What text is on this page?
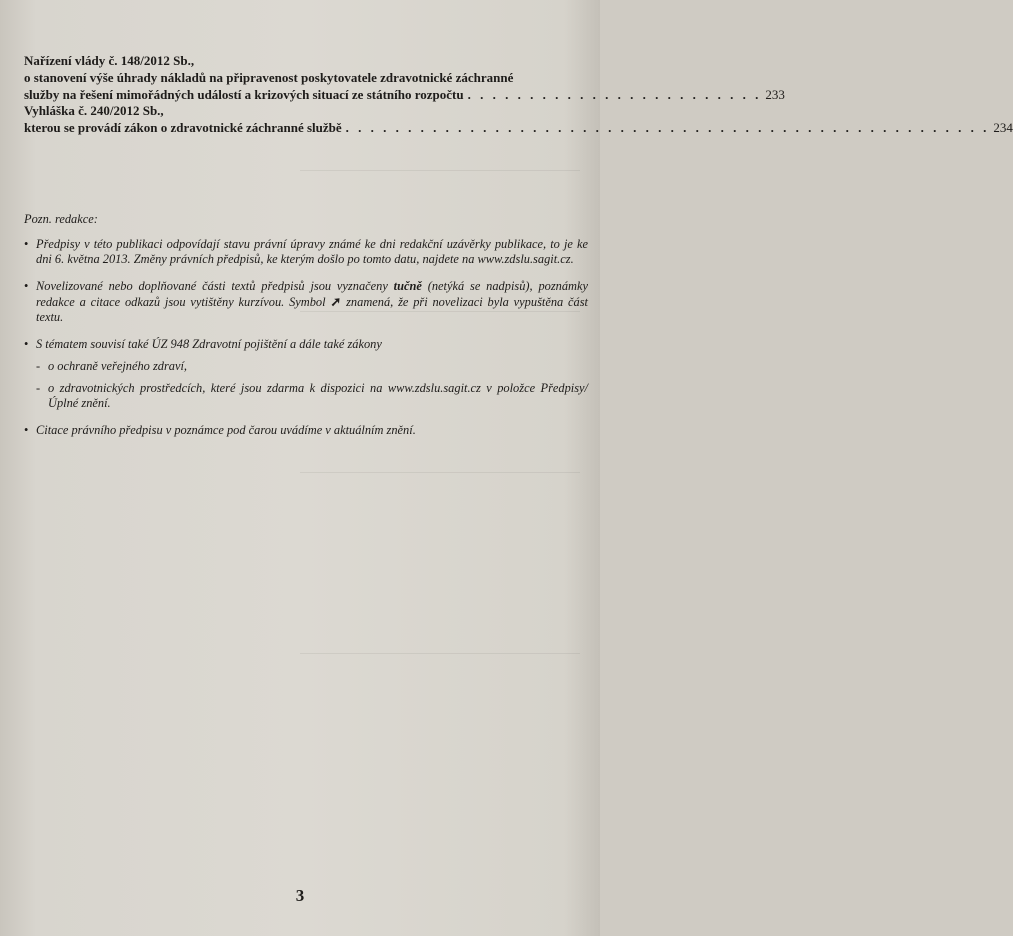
Nařízení vlády č. 148/2012 Sb.,
o stanovení výše úhrady nákladů na připravenost poskytovatele zdravotnické záchranné
služby na řešení mimořádných událostí a krizových situací ze státního rozpočtu . . . . . . . . . . . . . . . . . . . . . . . . 233
Vyhláška č. 240/2012 Sb.,
kterou se provádí zákon o zdravotnické záchranné službě . . . . . . . . . . . . . . . . . . . . . . . . . . . . . . . . . . . . . . . . . . . . . . . . . . . . 234
Pozn. redakce:
• Předpisy v této publikaci odpovídají stavu právní úpravy známé ke dni redakční uzávěrky publikace, to je ke dni 6. května 2013. Změny právních předpisů, ke kterým došlo po tomto datu, najdete na www.zdslu.sagit.cz.
• Novelizované nebo doplňované části textů předpisů jsou vyznačeny tučně (netýká se nadpisů), poznámky redakce a citace odkazů jsou vytištěny kurzívou. Symbol ➚ znamená, že při novelizaci byla vypuštěna část textu.
• S tématem souvisí také ÚZ 948 Zdravotní pojištění a dále také zákony
- o ochraně veřejného zdraví,
- o zdravotnických prostředcích, které jsou zdarma k dispozici na www.zdslu.sagit.cz v položce Předpisy/Úplné znění.
• Citace právního předpisu v poznámce pod čarou uvádíme v aktuálním znění.
3
